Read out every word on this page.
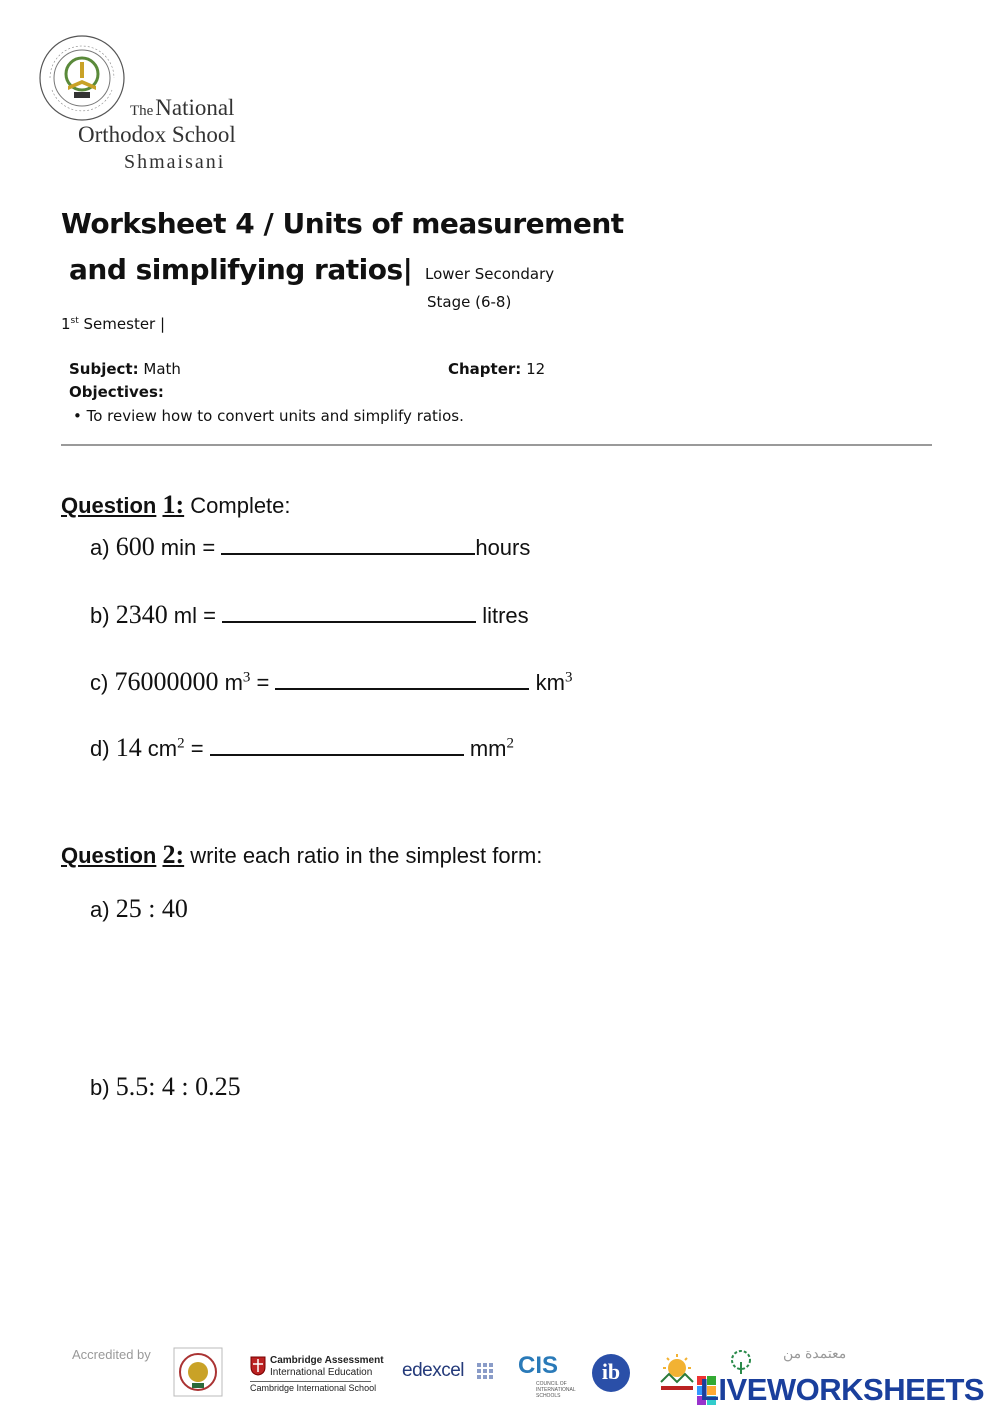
The National
Orthodox School
Shmaisani
Worksheet 4 / Units of measurement
and simplifying ratios| Lower Secondary
Stage (6-8)
1st Semester |
Subject: Math	Chapter: 12
Objectives:
• To review how to convert units and simplify ratios.
Question 1: Complete:
a) 600 min =	hours
b) 2340 ml =	litres
c) 76000000 $m^3$ =	$km^3$
d) 14 $cm^2$ =	$mm^2$
Question 2: write each ratio in the simplest form:
a) 25 : 40
b) 5.5: 4 : 0.25
Accredited by	Cambridge Assessment
International Education
Cambridge International School
edexcel CIS
COUNCIL OF INTERNATIONAL SCHOOLS
ib
معتمدة من
LIVEWORKSHEETS
